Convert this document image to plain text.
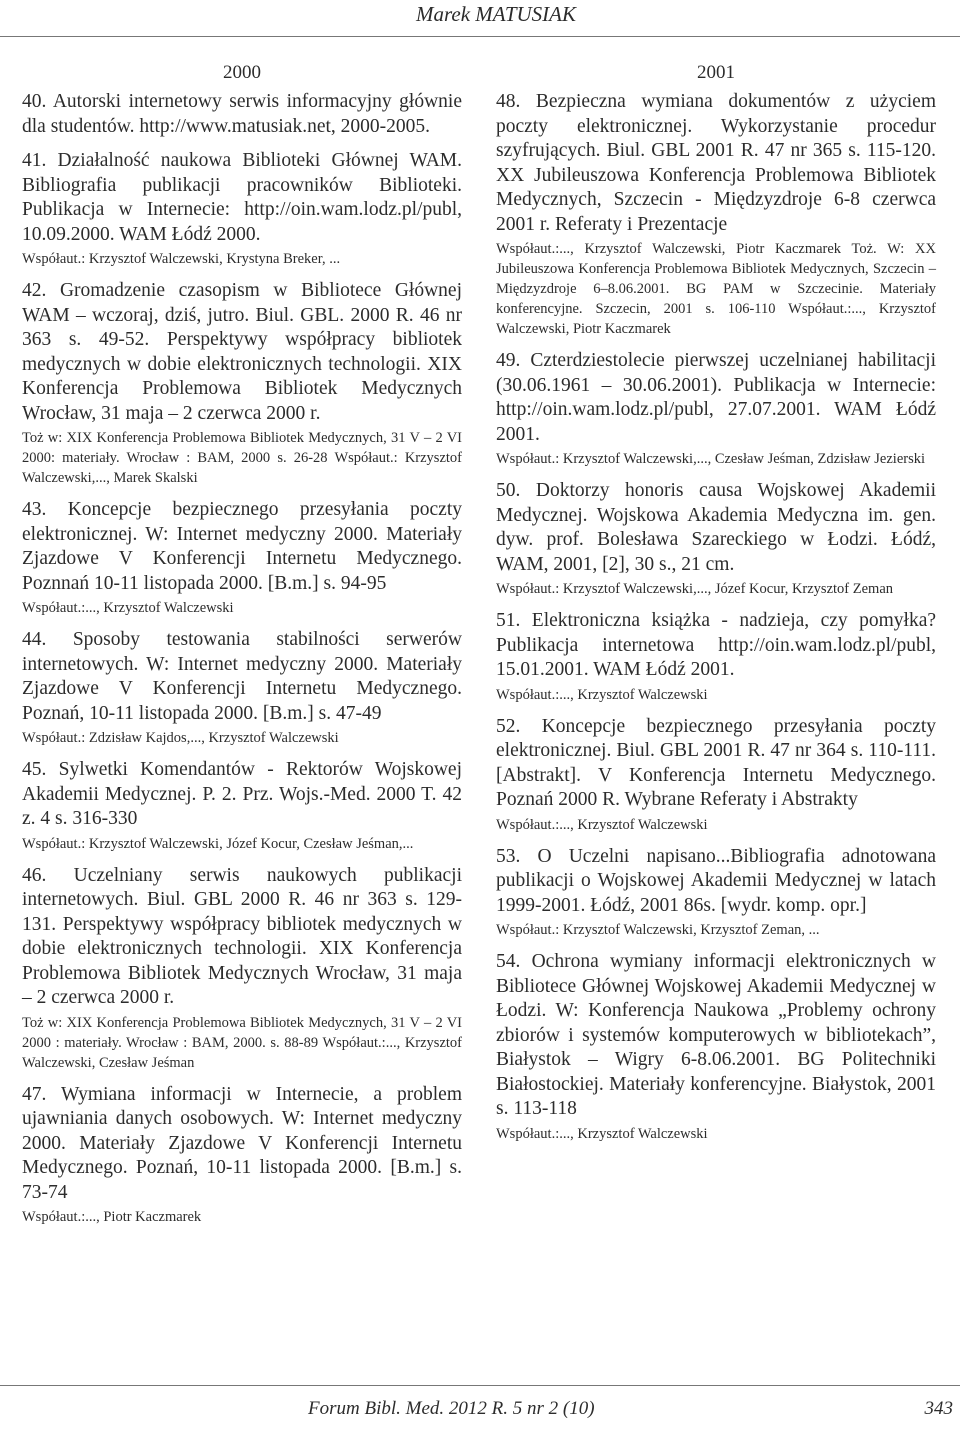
Marek MATUSIAK
2000

40. Autorski internetowy serwis informacyjny głównie dla studentów. http://www.matusiak.net, 2000-2005.

41. Działalność naukowa Biblioteki Głównej WAM. Bibliografia publikacji pracowników Biblioteki. Publikacja w Internecie: http://oin.wam.lodz.pl/publ, 10.09.2000. WAM Łódź 2000.

Współaut.: Krzysztof Walczewski, Krystyna Breker, ...

42. Gromadzenie czasopism w Bibliotece Głównej WAM – wczoraj, dziś, jutro. Biul. GBL. 2000 R. 46 nr 363 s. 49-52. Perspektywy współpracy bibliotek medycznych w dobie elektronicznych technologii. XIX Konferencja Problemowa Bibliotek Medycznych Wrocław, 31 maja – 2 czerwca 2000 r.

Toż w: XIX Konferencja Problemowa Bibliotek Medycznych, 31 V – 2 VI 2000: materiały. Wrocław : BAM, 2000 s. 26-28 Współaut.: Krzysztof Walczewski,..., Marek Skalski

43. Koncepcje bezpiecznego przesyłania poczty elektronicznej. W: Internet medyczny 2000. Materiały Zjazdowe V Konferencji Internetu Medycznego. Poznnań 10-11 listopada 2000. [B.m.] s. 94-95

Współaut.:..., Krzysztof Walczewski

44. Sposoby testowania stabilności serwerów internetowych. W: Internet medyczny 2000. Materiały Zjazdowe V Konferencji Internetu Medycznego. Poznań, 10-11 listopada 2000. [B.m.] s. 47-49

Współaut.: Zdzisław Kajdos,..., Krzysztof Walczewski

45. Sylwetki Komendantów - Rektorów Wojskowej Akademii Medycznej. P. 2. Prz. Wojs.-Med. 2000 T. 42 z. 4 s. 316-330

Współaut.: Krzysztof Walczewski, Józef Kocur, Czesław Jeśman,...

46. Uczelniany serwis naukowych publikacji internetowych. Biul. GBL 2000 R. 46 nr 363 s. 129-131. Perspektywy współpracy bibliotek medycznych w dobie elektronicznych technologii. XIX Konferencja Problemowa Bibliotek Medycznych Wrocław, 31 maja – 2 czerwca 2000 r.

Toż w: XIX Konferencja Problemowa Bibliotek Medycznych, 31 V – 2 VI 2000 : materiały. Wrocław : BAM, 2000. s. 88-89 Współaut.:..., Krzysztof Walczewski, Czesław Jeśman

47. Wymiana informacji w Internecie, a problem ujawniania danych osobowych. W: Internet medyczny 2000. Materiały Zjazdowe V Konferencji Internetu Medycznego. Poznań, 10-11 listopada 2000. [B.m.] s. 73-74

Współaut.:..., Piotr Kaczmarek

2001

48. Bezpieczna wymiana dokumentów z użyciem poczty elektronicznej. Wykorzystanie procedur szyfrujących. Biul. GBL 2001 R. 47 nr 365 s. 115-120. XX Jubileuszowa Konferencja Problemowa Bibliotek Medycznych, Szczecin - Międzyzdroje 6-8 czerwca 2001 r. Referaty i Prezentacje

Współaut.:..., Krzysztof Walczewski, Piotr Kaczmarek Toż. W: XX Jubileuszowa Konferencja Problemowa Bibliotek Medycznych, Szczecin – Międzyzdroje 6–8.06.2001. BG PAM w Szczecinie. Materiały konferencyjne. Szczecin, 2001 s. 106-110 Współaut.:..., Krzysztof Walczewski, Piotr Kaczmarek

49. Czterdziestolecie pierwszej uczelnianej habilitacji (30.06.1961 – 30.06.2001). Publikacja w Internecie: http://oin.wam.lodz.pl/publ, 27.07.2001. WAM Łódź 2001.

Współaut.: Krzysztof Walczewski,..., Czesław Jeśman, Zdzisław Jezierski

50. Doktorzy honoris causa Wojskowej Akademii Medycznej. Wojskowa Akademia Medyczna im. gen. dyw. prof. Bolesława Szareckiego w Łodzi. Łódź, WAM, 2001, [2], 30 s., 21 cm.

Współaut.: Krzysztof Walczewski,..., Józef Kocur, Krzysztof Zeman

51. Elektroniczna książka - nadzieja, czy pomyłka? Publikacja internetowa http://oin.wam.lodz.pl/publ, 15.01.2001. WAM Łódź 2001.

Współaut.:..., Krzysztof Walczewski

52. Koncepcje bezpiecznego przesyłania poczty elektronicznej. Biul. GBL 2001 R. 47 nr 364 s. 110-111. [Abstrakt]. V Konferencja Internetu Medycznego. Poznań 2000 R. Wybrane Referaty i Abstrakty

Współaut.:..., Krzysztof Walczewski

53. O Uczelni napisano...Bibliografia adnotowana publikacji o Wojskowej Akademii Medycznej w latach 1999-2001. Łódź, 2001 86s. [wydr. komp. opr.]

Współaut.: Krzysztof Walczewski, Krzysztof Zeman, ...

54. Ochrona wymiany informacji elektronicznych w Bibliotece Głównej Wojskowej Akademii Medycznej w Łodzi. W: Konferencja Naukowa „Problemy ochrony zbiorów i systemów komputerowych w bibliotekach”, Białystok – Wigry 6-8.06.2001. BG Politechniki Białostockiej. Materiały konferencyjne. Białystok, 2001 s. 113-118

Współaut.:..., Krzysztof Walczewski

Forum Bibl. Med. 2012 R. 5 nr 2 (10)	343
